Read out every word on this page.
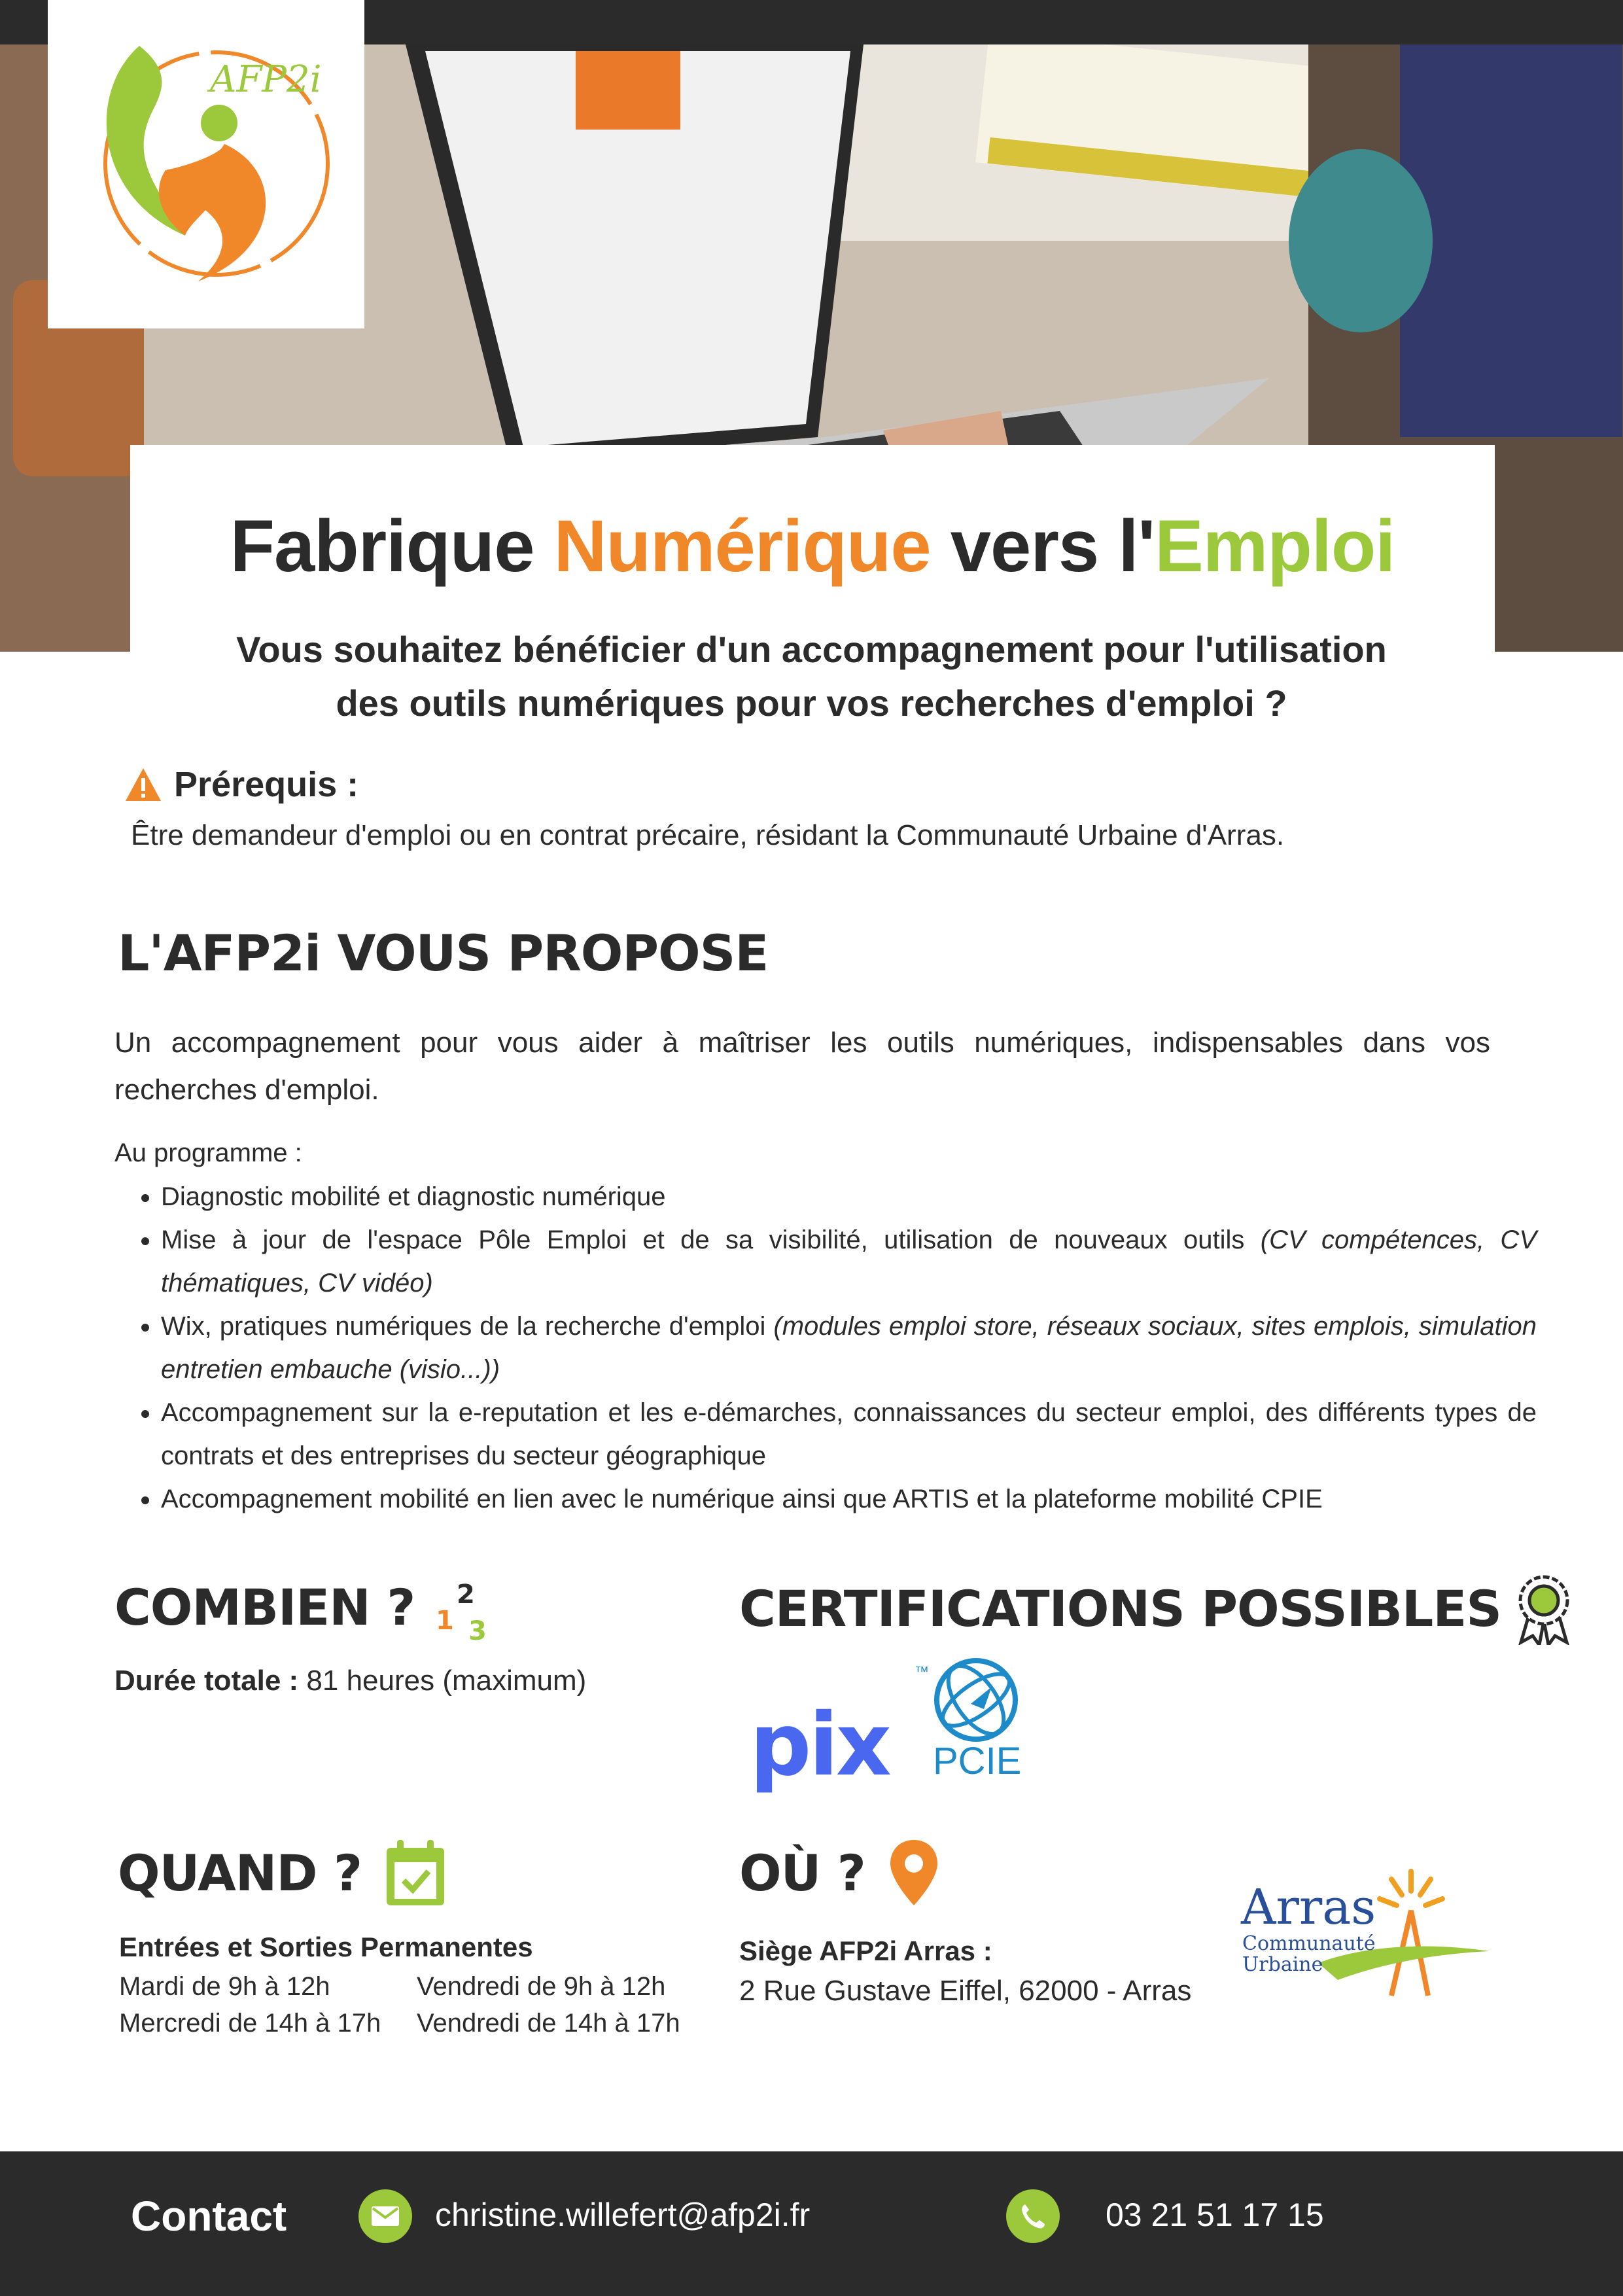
AFP2i
Fabrique Numérique vers l'Emploi
Vous souhaitez bénéficier d'un accompagnement pour l'utilisation
des outils numériques pour vos recherches d'emploi ?
Prérequis :
Être demandeur d'emploi ou en contrat précaire, résidant la Communauté Urbaine d'Arras.
L'AFP2i VOUS PROPOSE
Un accompagnement pour vous aider à maîtriser les outils numériques, indispensables dans vos recherches d'emploi.
Au programme :
• Diagnostic mobilité et diagnostic numérique
• Mise à jour de l'espace Pôle Emploi et de sa visibilité, utilisation de nouveaux outils (CV compétences, CV thématiques, CV vidéo)
• Wix, pratiques numériques de la recherche d'emploi (modules emploi store, réseaux sociaux, sites emplois, simulation entretien embauche (visio...))
• Accompagnement sur la e-reputation et les e-démarches, connaissances du secteur emploi, des différents types de contrats et des entreprises du secteur géographique
• Accompagnement mobilité en lien avec le numérique ainsi que ARTIS et la plateforme mobilité CPIE
COMBIEN ? 1
2
3
Durée totale : 81 heures (maximum)
CERTIFICATIONS POSSIBLES
pix
™
PCIE
QUAND ?
Entrées et Sorties Permanentes
Mardi de 9h à 12h	Vendredi de 9h à 12h
Mercredi de 14h à 17h	Vendredi de 14h à 17h
OÙ ?
Siège AFP2i Arras :
2 Rue Gustave Eiffel, 62000 - Arras
Arras
Communauté
Urbaine
Contact	christine.willefert@afp2i.fr	03 21 51 17 15
